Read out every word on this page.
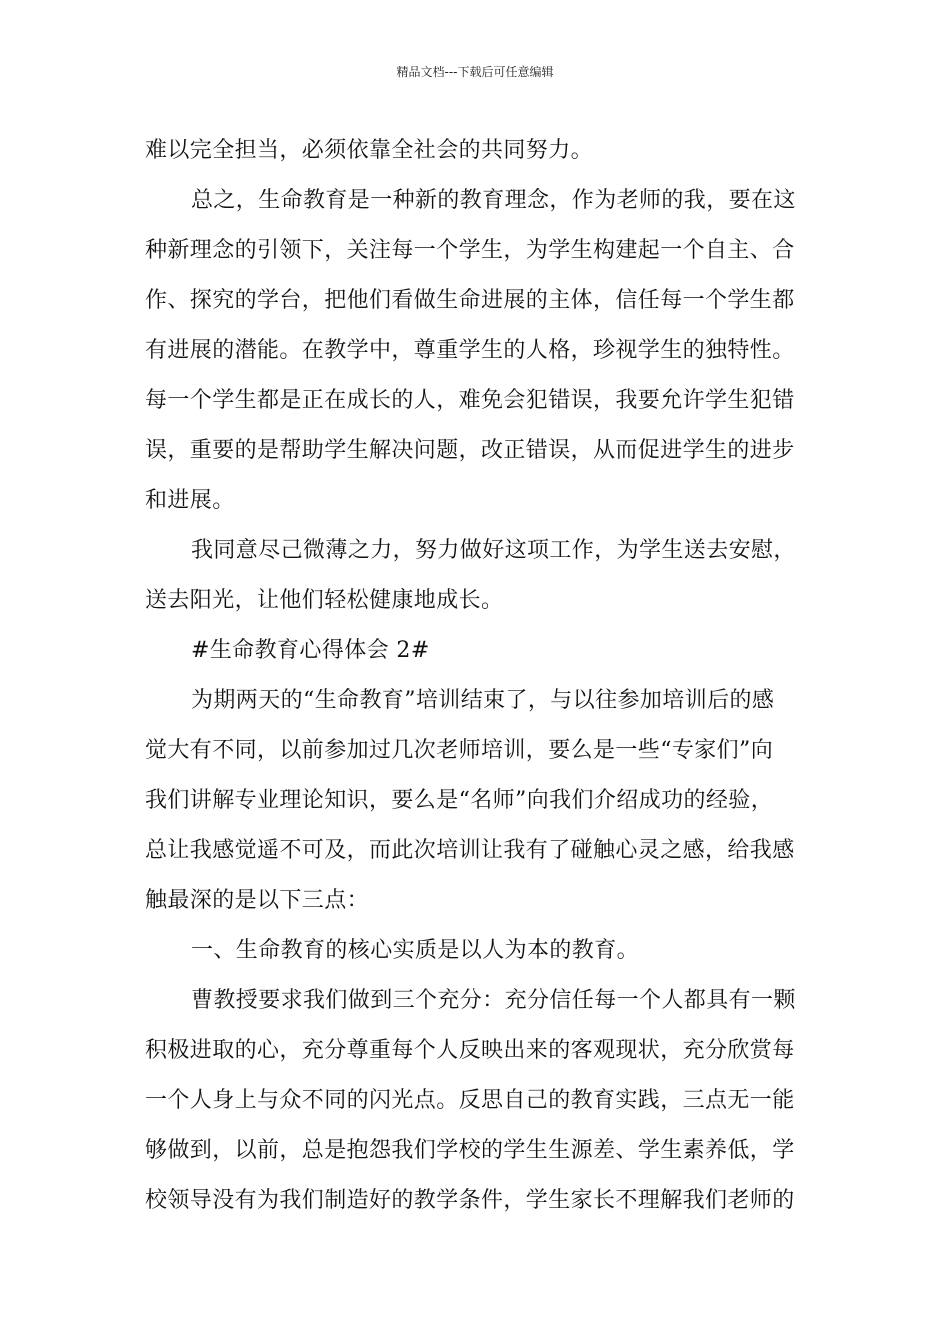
精品文档---下载后可任意编辑
难以完全担当，必须依靠全社会的共同努力。
总之，生命教育是一种新的教育理念，作为老师的我，要在这
种新理念的引领下，关注每一个学生，为学生构建起一个自主、合
作、探究的学台，把他们看做生命进展的主体，信任每一个学生都
有进展的潜能。在教学中，尊重学生的人格，珍视学生的独特性。
每一个学生都是正在成长的人，难免会犯错误，我要允许学生犯错
误，重要的是帮助学生解决问题，改正错误，从而促进学生的进步
和进展。
我同意尽己微薄之力，努力做好这项工作，为学生送去安慰，
送去阳光，让他们轻松健康地成长。
#生命教育心得体会 2#
为期两天的“生命教育”培训结束了，与以往参加培训后的感
觉大有不同，以前参加过几次老师培训，要么是一些“专家们”向
我们讲解专业理论知识，要么是“名师”向我们介绍成功的经验，
总让我感觉遥不可及，而此次培训让我有了碰触心灵之感，给我感
触最深的是以下三点：
一、生命教育的核心实质是以人为本的教育。
曹教授要求我们做到三个充分：充分信任每一个人都具有一颗
积极进取的心，充分尊重每个人反映出来的客观现状，充分欣赏每
一个人身上与众不同的闪光点。反思自己的教育实践，三点无一能
够做到，以前，总是抱怨我们学校的学生生源差、学生素养低，学
校领导没有为我们制造好的教学条件，学生家长不理解我们老师的
